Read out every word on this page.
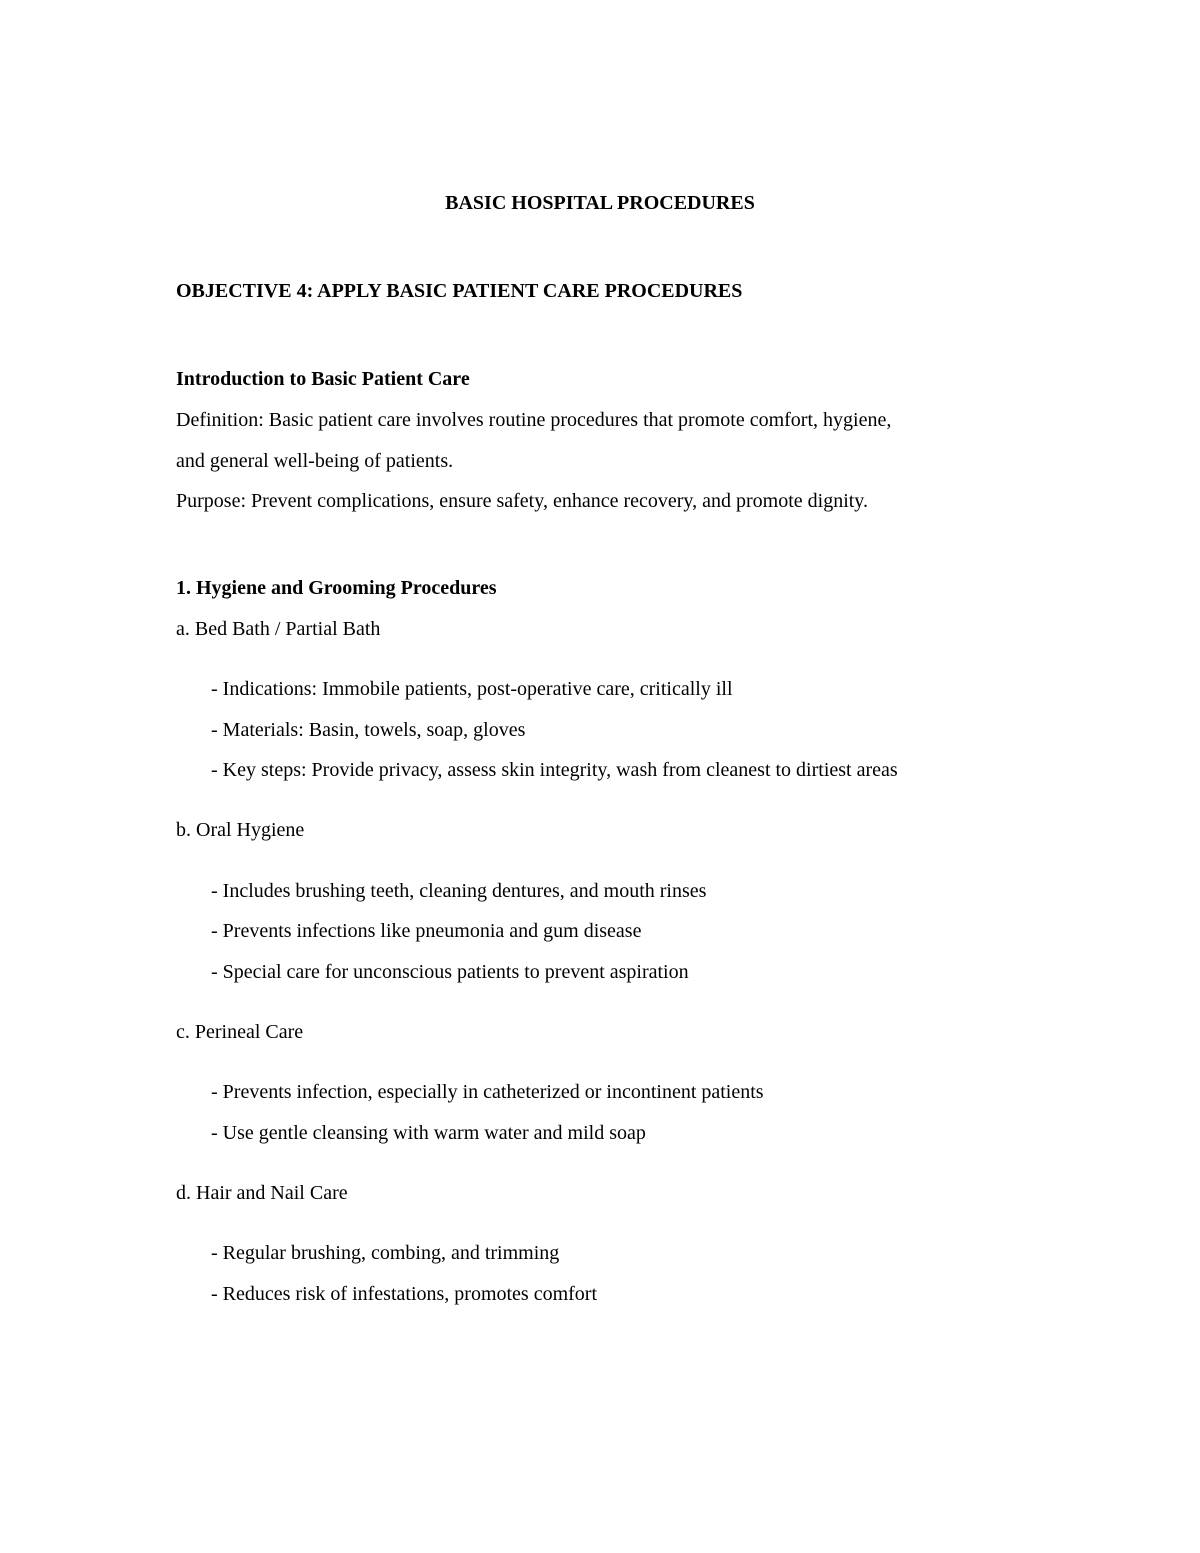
BASIC HOSPITAL PROCEDURES
OBJECTIVE 4: APPLY BASIC PATIENT CARE PROCEDURES
Introduction to Basic Patient Care

Definition: Basic patient care involves routine procedures that promote comfort, hygiene,

and general well-being of patients.

Purpose: Prevent complications, ensure safety, enhance recovery, and promote dignity.

1. Hygiene and Grooming Procedures

a. Bed Bath / Partial Bath

- Indications: Immobile patients, post-operative care, critically ill

- Materials: Basin, towels, soap, gloves

- Key steps: Provide privacy, assess skin integrity, wash from cleanest to dirtiest areas

b. Oral Hygiene

- Includes brushing teeth, cleaning dentures, and mouth rinses

- Prevents infections like pneumonia and gum disease

- Special care for unconscious patients to prevent aspiration

c. Perineal Care

- Prevents infection, especially in catheterized or incontinent patients

- Use gentle cleansing with warm water and mild soap

d. Hair and Nail Care

- Regular brushing, combing, and trimming

- Reduces risk of infestations, promotes comfort
